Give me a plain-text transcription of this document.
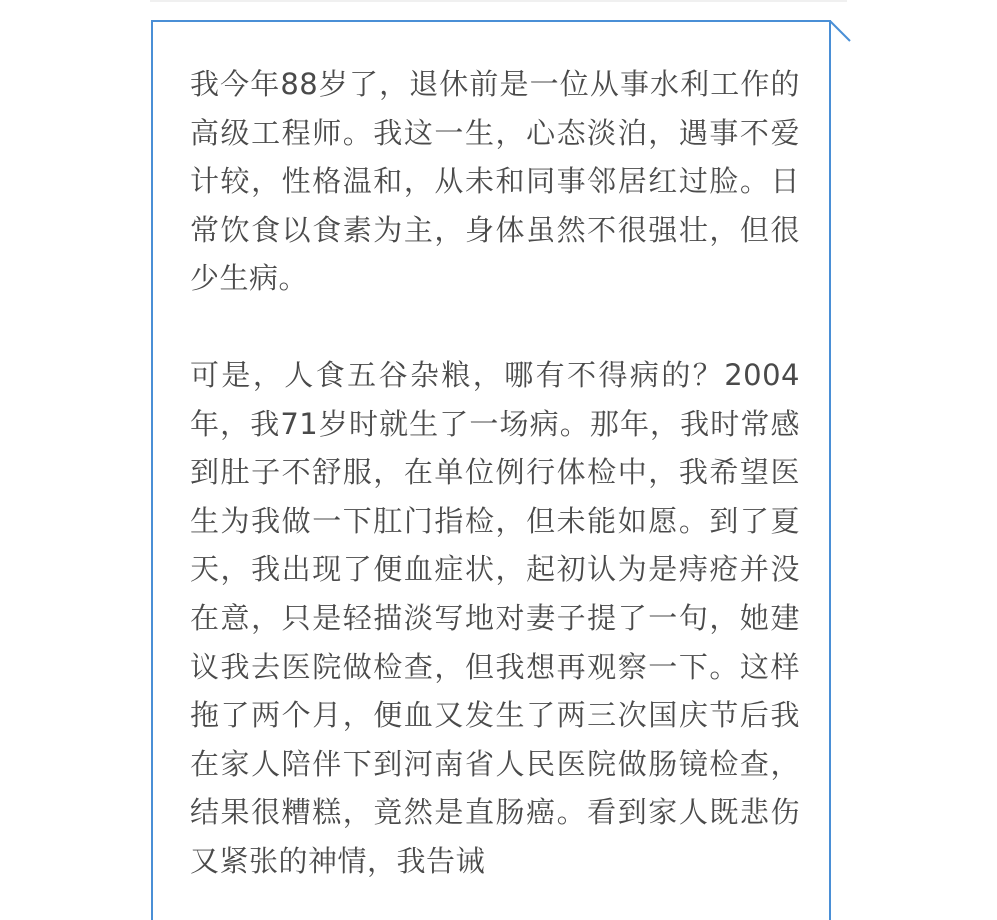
我今年88岁了，退休前是一位从事水利工作的高级工程师。我这一生，心态淡泊，遇事不爱计较，性格温和，从未和同事邻居红过脸。日常饮食以食素为主，身体虽然不很强壮，但很少生病。

可是，人食五谷杂粮，哪有不得病的？2004年，我71岁时就生了一场病。那年，我时常感到肚子不舒服，在单位例行体检中，我希望医生为我做一下肛门指检，但未能如愿。到了夏天，我出现了便血症状，起初认为是痔疮并没在意，只是轻描淡写地对妻子提了一句，她建议我去医院做检查，但我想再观察一下。这样拖了两个月，便血又发生了两三次国庆节后我在家人陪伴下到河南省人民医院做肠镜检查，结果很糟糕，竟然是直肠癌。看到家人既悲伤又紧张的神情，我告诫
